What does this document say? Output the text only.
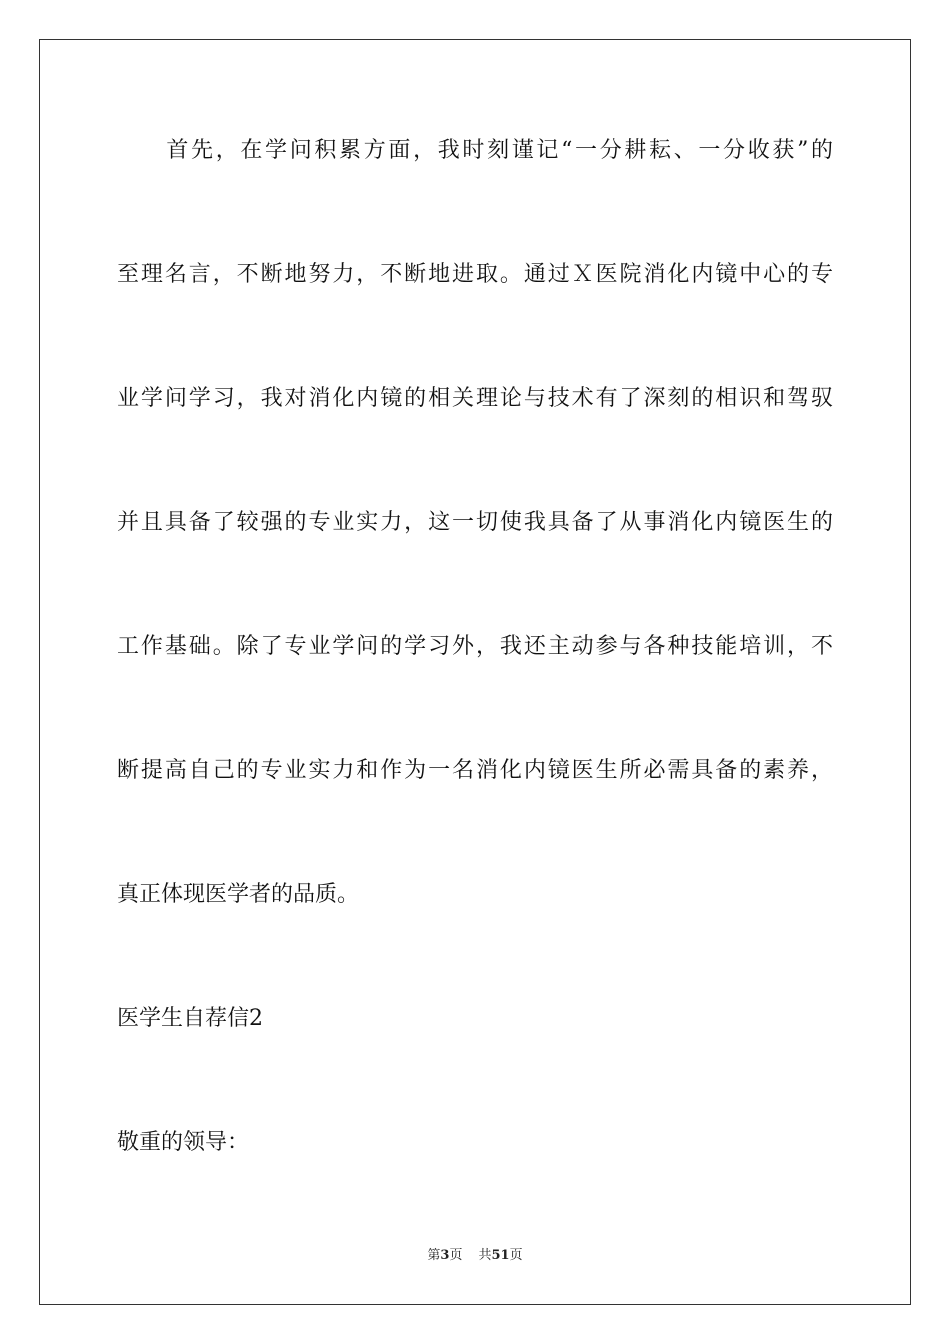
　　首先，在学问积累方面，我时刻谨记“一分耕耘、一分收获”的
至理名言，不断地努力，不断地进取。通过Ｘ医院消化内镜中心的专
业学问学习，我对消化内镜的相关理论与技术有了深刻的相识和驾驭
并且具备了较强的专业实力，这一切使我具备了从事消化内镜医生的
工作基础。除了专业学问的学习外，我还主动参与各种技能培训，不
断提高自己的专业实力和作为一名消化内镜医生所必需具备的素养，
真正体现医学者的品质。
医学生自荐信2
敬重的领导：
第3页 共51页
